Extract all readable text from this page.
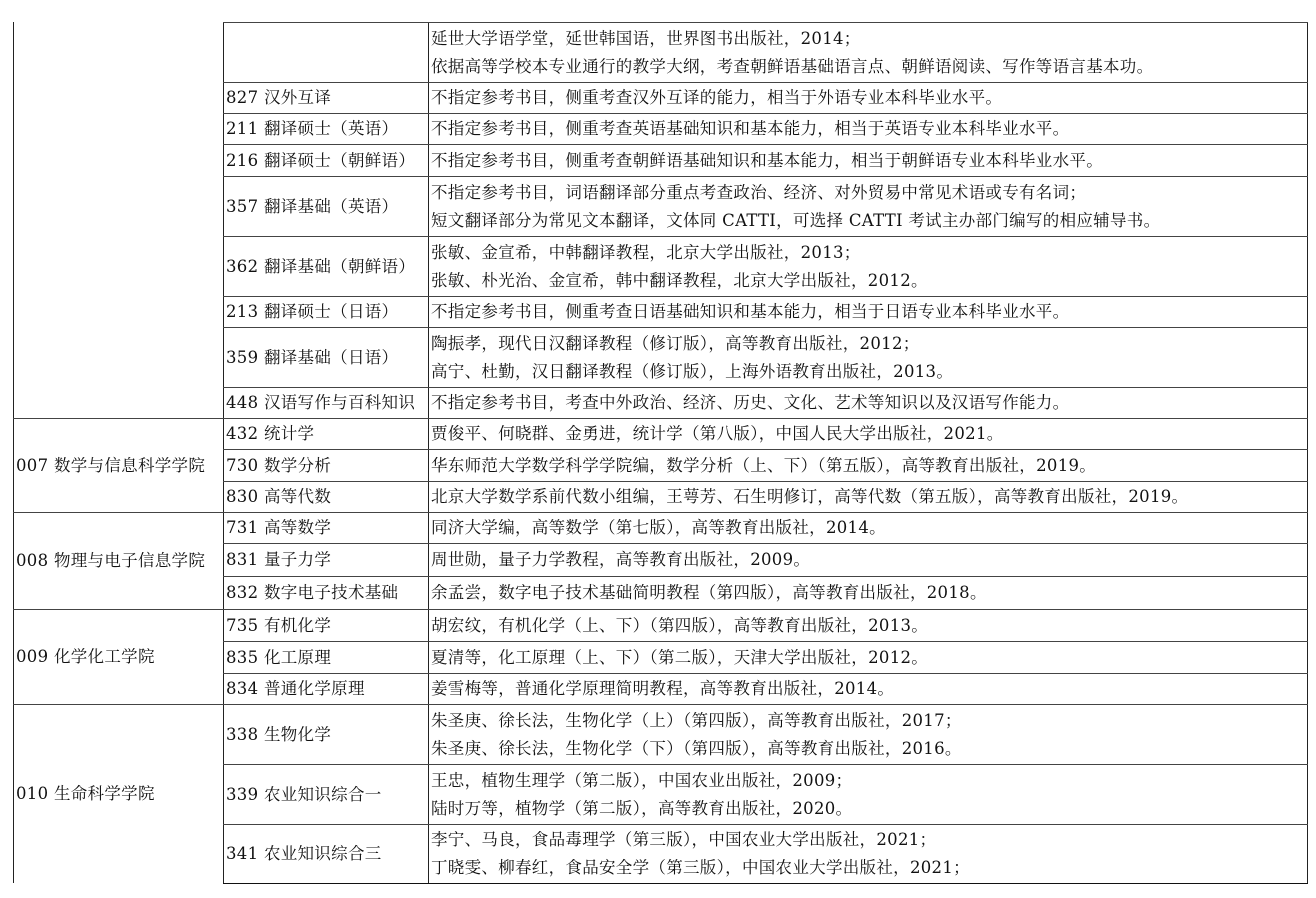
007 数学与信息科学学院
008 物理与电子信息学院
009 化学化工学院
010 生命科学学院
827 汉外互译
211 翻译硕士（英语）
216 翻译硕士（朝鲜语）
357 翻译基础（英语）
362 翻译基础（朝鲜语）
213 翻译硕士（日语）
359 翻译基础（日语）
448 汉语写作与百科知识
432 统计学
730 数学分析
830 高等代数
731 高等数学
831 量子力学
832 数字电子技术基础
735 有机化学
835 化工原理
834 普通化学原理
338 生物化学
339 农业知识综合一
341 农业知识综合三
延世大学语学堂，延世韩国语，世界图书出版社，2014；
依据高等学校本专业通行的教学大纲，考查朝鲜语基础语言点、朝鲜语阅读、写作等语言基本功。
不指定参考书目，侧重考查汉外互译的能力，相当于外语专业本科毕业水平。
不指定参考书目，侧重考查英语基础知识和基本能力，相当于英语专业本科毕业水平。
不指定参考书目，侧重考查朝鲜语基础知识和基本能力，相当于朝鲜语专业本科毕业水平。
不指定参考书目，词语翻译部分重点考查政治、经济、对外贸易中常见术语或专有名词；
短文翻译部分为常见文本翻译，文体同 CATTI，可选择 CATTI 考试主办部门编写的相应辅导书。
张敏、金宣希，中韩翻译教程，北京大学出版社，2013；
张敏、朴光治、金宣希，韩中翻译教程，北京大学出版社，2012。
不指定参考书目，侧重考查日语基础知识和基本能力，相当于日语专业本科毕业水平。
陶振孝，现代日汉翻译教程（修订版），高等教育出版社，2012；
高宁、杜勤，汉日翻译教程（修订版），上海外语教育出版社，2013。
不指定参考书目，考查中外政治、经济、历史、文化、艺术等知识以及汉语写作能力。
贾俊平、何晓群、金勇进，统计学（第八版），中国人民大学出版社，2021。
华东师范大学数学科学学院编，数学分析（上、下）（第五版），高等教育出版社，2019。
北京大学数学系前代数小组编，王萼芳、石生明修订，高等代数（第五版），高等教育出版社，2019。
同济大学编，高等数学（第七版），高等教育出版社，2014。
周世勋，量子力学教程，高等教育出版社，2009。
余孟尝，数字电子技术基础简明教程（第四版），高等教育出版社，2018。
胡宏纹，有机化学（上、下）（第四版），高等教育出版社，2013。
夏清等，化工原理（上、下）（第二版），天津大学出版社，2012。
姜雪梅等，普通化学原理简明教程，高等教育出版社，2014。
朱圣庚、徐长法，生物化学（上）（第四版），高等教育出版社，2017；
朱圣庚、徐长法，生物化学（下）（第四版），高等教育出版社，2016。
王忠，植物生理学（第二版），中国农业出版社，2009；
陆时万等，植物学（第二版），高等教育出版社，2020。
李宁、马良，食品毒理学（第三版），中国农业大学出版社，2021；
丁晓雯、柳春红，食品安全学（第三版），中国农业大学出版社，2021；
